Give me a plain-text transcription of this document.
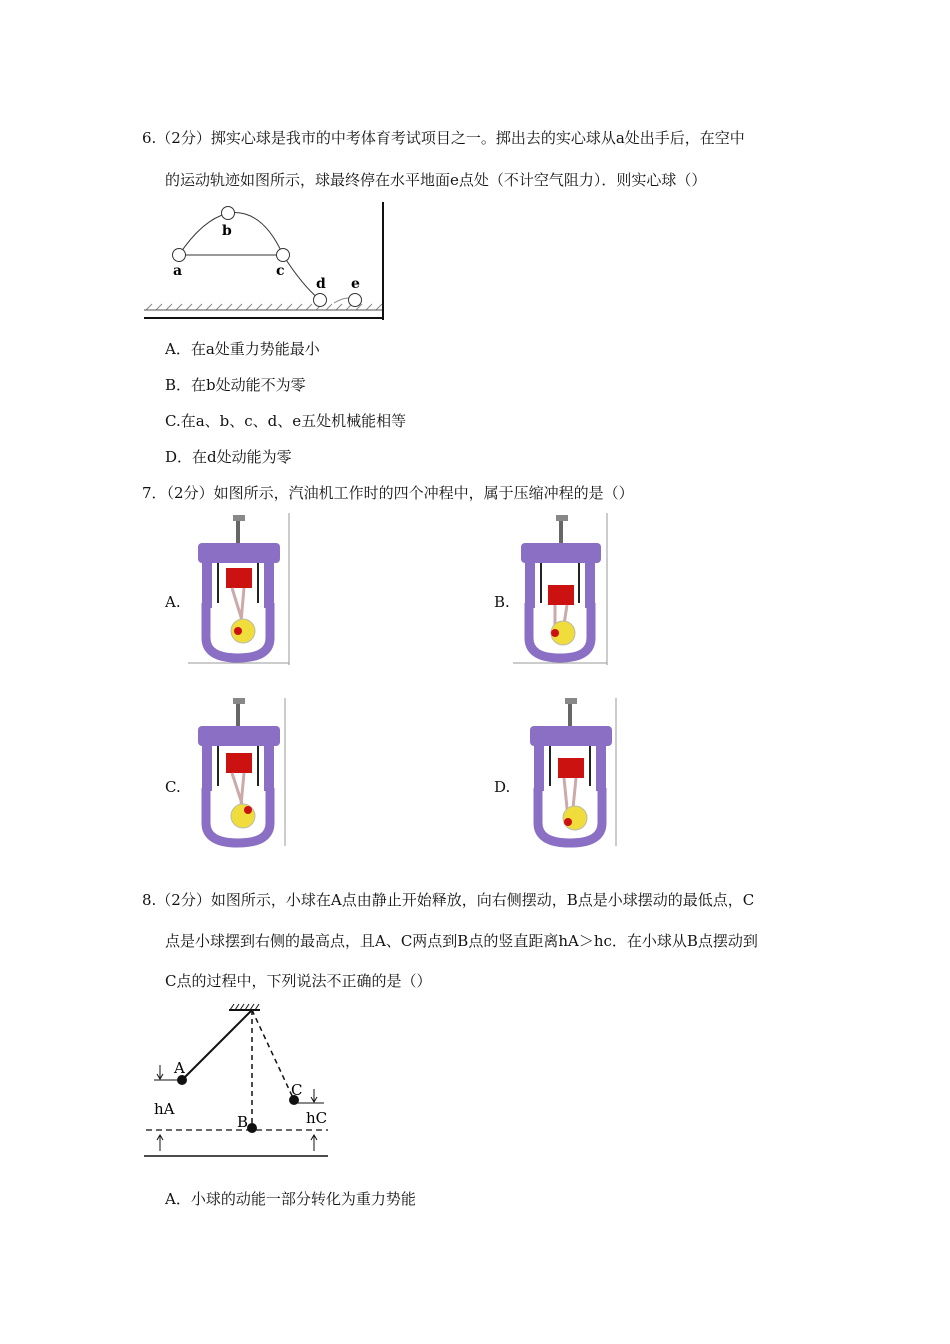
6.（2分）掷实心球是我市的中考体育考试项目之一。掷出去的实心球从a处出手后，在空中
的运动轨迹如图所示，球最终停在水平地面e点处（不计空气阻力）．则实心球（）
a
b
c
d e
A．在a处重力势能最小
B．在b处动能不为零
C.在a、b、c、d、e五处机械能相等
D．在d处动能为零
7．（2分）如图所示，汽油机工作时的四个冲程中，属于压缩冲程的是（）
A.	B.
C.	D.
8.（2分）如图所示，小球在A点由静止开始释放，向右侧摆动，B点是小球摆动的最低点，C
点是小球摆到右侧的最高点，且A、C两点到B点的竖直距离hA＞hc．在小球从B点摆动到
C点的过程中，下列说法不正确的是（）
A
B
C
hA	hC
A．小球的动能一部分转化为重力势能
